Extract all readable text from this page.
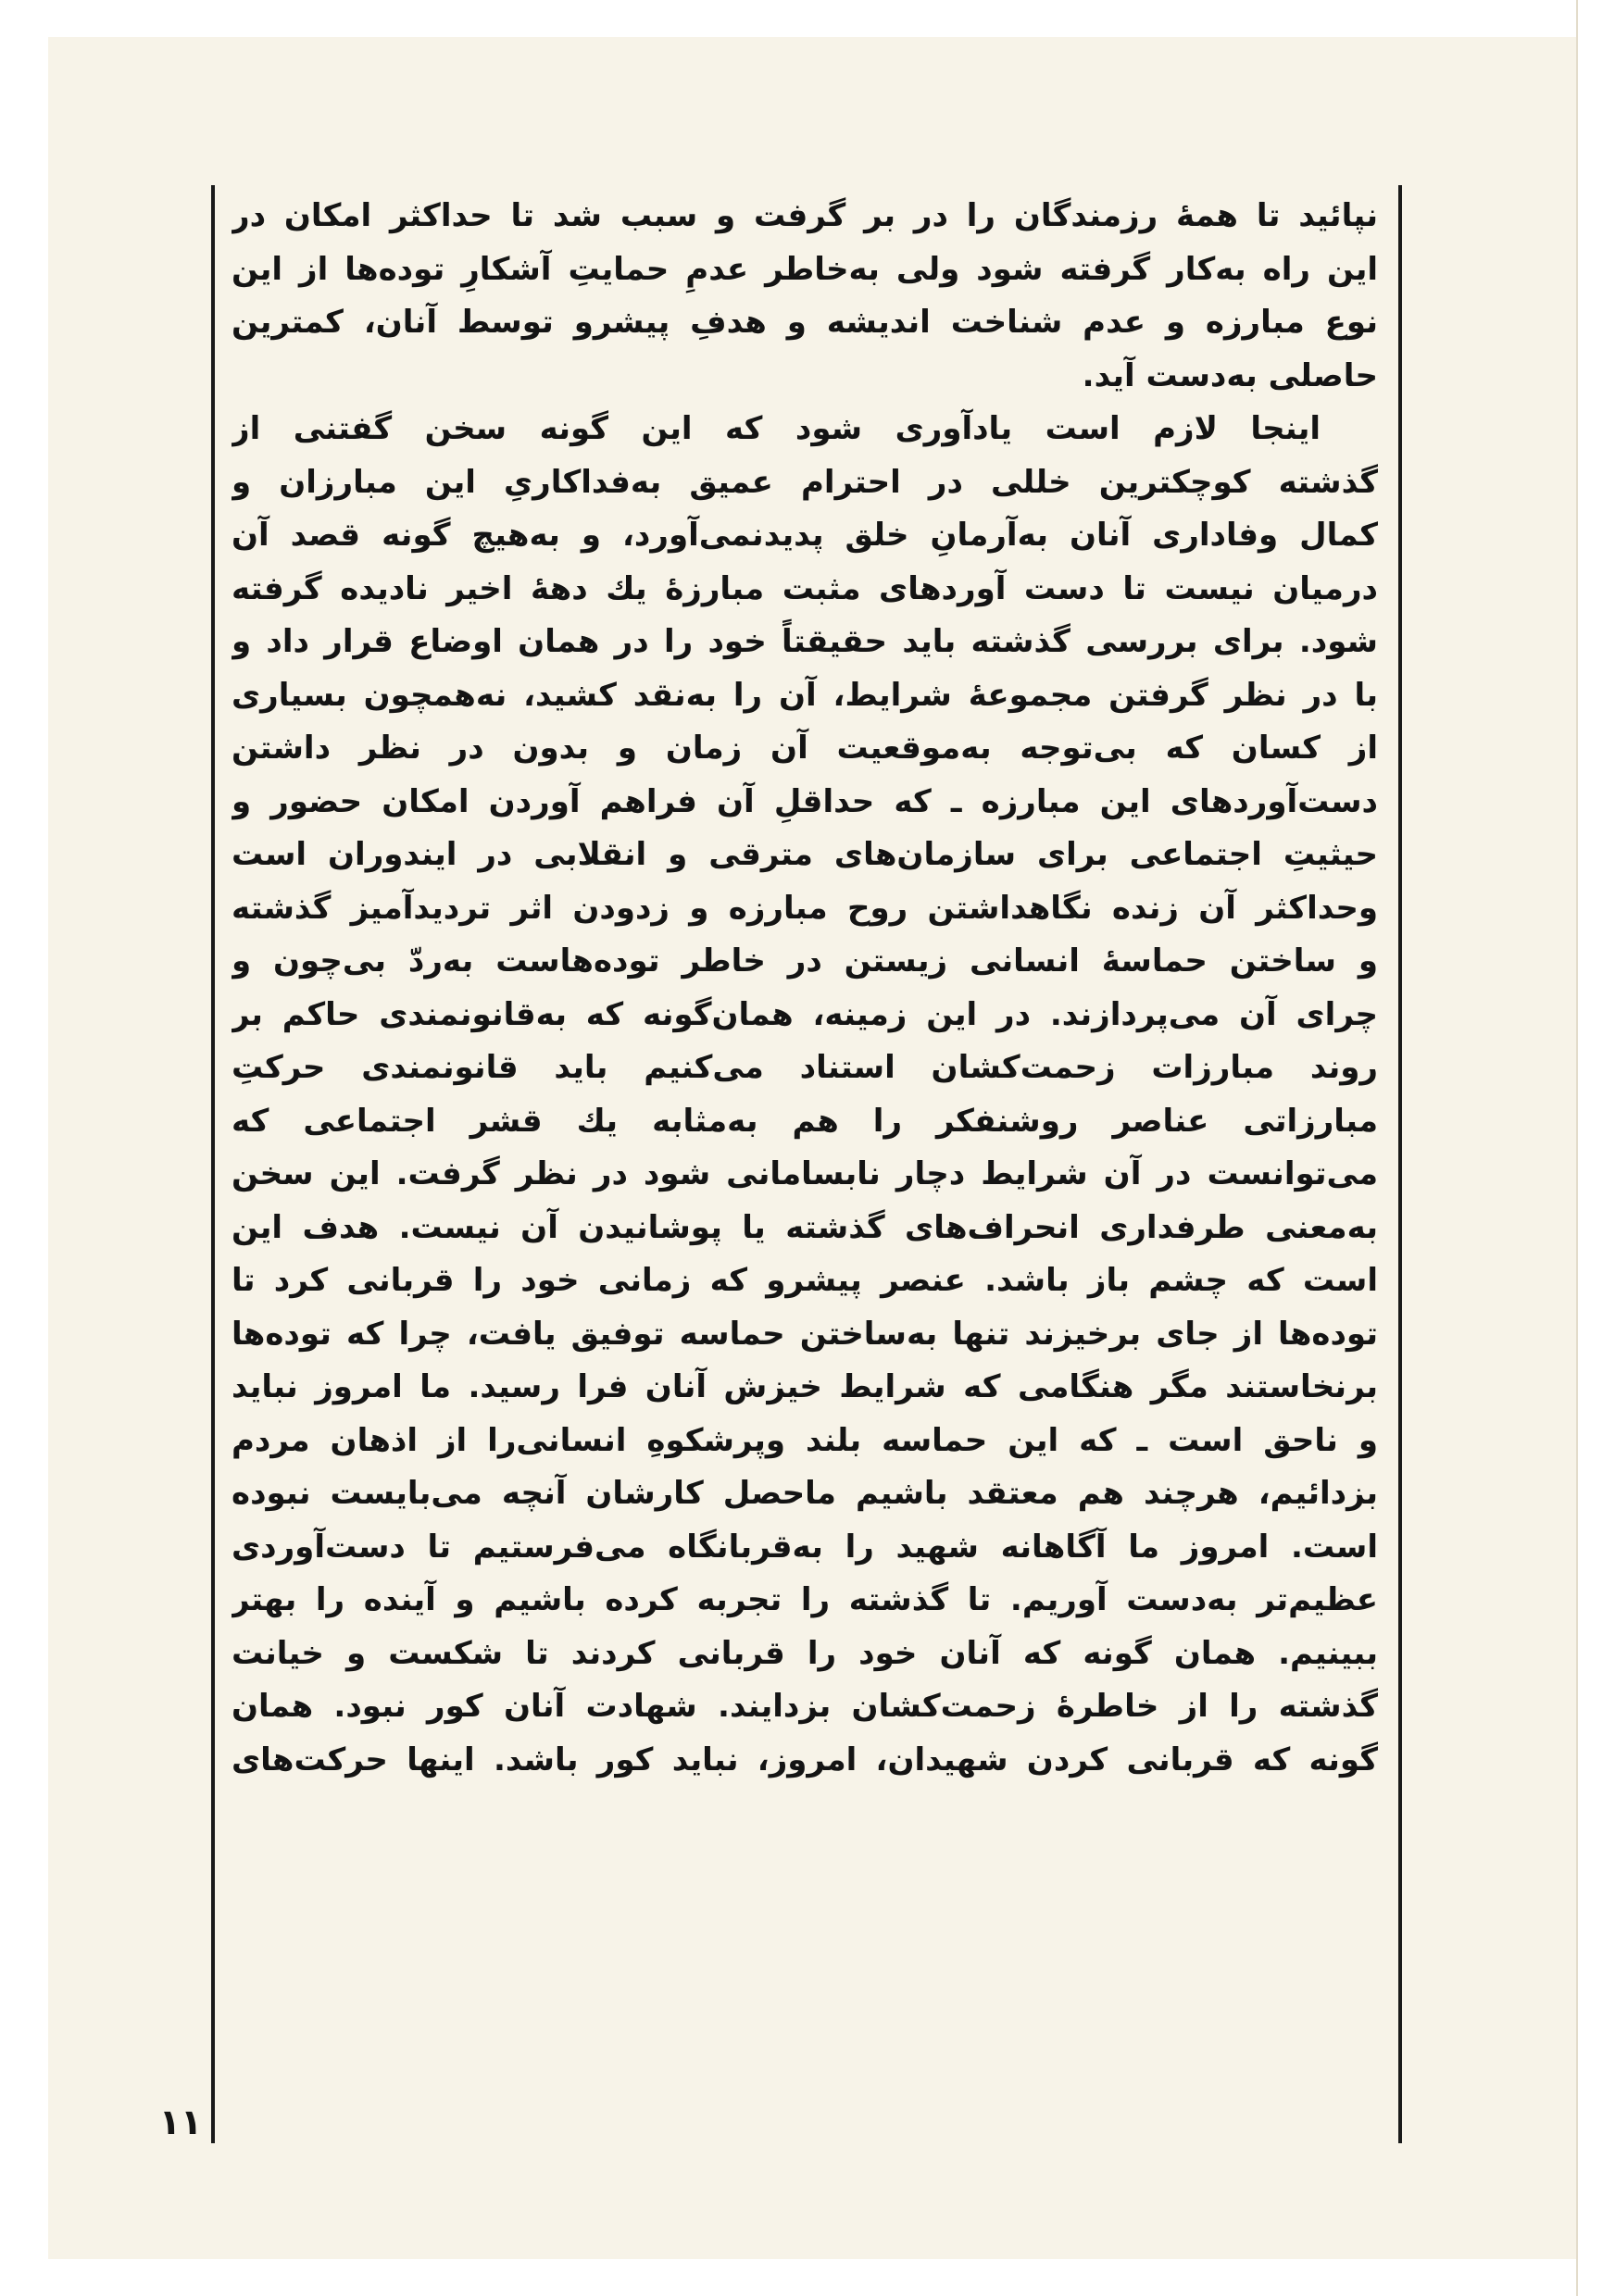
نپائید تا همهٔ رزمندگان را در بر گرفت و سبب شد تا حداکثر امکان در
این راه به‌کار گرفته شود ولی به‌خاطر عدمِ حمایتِ آشکارِ توده‌ها از این
نوع مبارزه و عدم شناخت اندیشه و هدفِ پیشرو توسط آنان، کمترین
حاصلی به‌دست آید.
اینجا لازم است یادآوری شود که این گونه سخن گفتنی از
گذشته کوچکترین خللی در احترام عمیق به‌فداکاریِ این مبارزان و
کمال وفاداری آنان به‌آرمانِ خلق پدیدنمی‌آورد، و به‌هیچ گونه قصد آن
درمیان نیست تا دست آوردهای مثبت مبارزهٔ یك دههٔ اخیر نادیده گرفته
شود. برای بررسی گذشته باید حقیقتاً خود را در همان اوضاع قرار داد و
با در نظر گرفتن مجموعهٔ شرایط، آن را به‌نقد کشید، نه‌همچون بسیاری
از کسان که بی‌توجه به‌موقعیت آن زمان و بدون در نظر داشتن
دست‌آوردهای این مبارزه ـ که حداقلِ آن فراهم آوردن امکان حضور و
حیثیتِ اجتماعی برای سازمان‌های مترقی و انقلابی در ایندوران است
وحداکثر آن زنده نگاهداشتن روح مبارزه و زدودن اثر تردیدآمیز گذشته
و ساختن حماسهٔ انسانی زیستن در خاطر توده‌هاست به‌ردّ بی‌چون و
چرای آن می‌پردازند. در این زمینه، همان‌گونه که به‌قانونمندی حاکم بر
روند مبارزات زحمت‌کشان استناد می‌کنیم باید قانونمندی حرکتِ
مبارزاتی عناصر روشنفکر را هم به‌مثابه یك قشر اجتماعی که
می‌توانست در آن شرایط دچار نابسامانی شود در نظر گرفت. این سخن
به‌معنی طرفداری انحراف‌های گذشته یا پوشانیدن آن نیست. هدف این
است که چشم باز باشد. عنصر پیشرو که زمانی خود را قربانی کرد تا
توده‌ها از جای برخیزند تنها به‌ساختن حماسه توفیق یافت، چرا که توده‌ها
برنخاستند مگر هنگامی که شرایط خیزش آنان فرا رسید. ما امروز نباید
و ناحق است ـ که این حماسه بلند وپرشکوهِ انسانی‌را از اذهان مردم
بزدائیم، هرچند هم معتقد باشیم ماحصل کارشان آنچه می‌بایست نبوده
است. امروز ما آگاهانه شهید را به‌قربانگاه می‌فرستیم تا دست‌آوردی
عظیم‌تر به‌دست آوریم. تا گذشته را تجربه کرده باشیم و آینده را بهتر
ببینیم. همان گونه که آنان خود را قربانی کردند تا شکست و خیانت
گذشته را از خاطرهٔ زحمت‌کشان بزدایند. شهادت آنان کور نبود. همان
گونه که قربانی کردن شهیدان، امروز، نباید کور باشد. اینها حرکت‌های
۱۱
